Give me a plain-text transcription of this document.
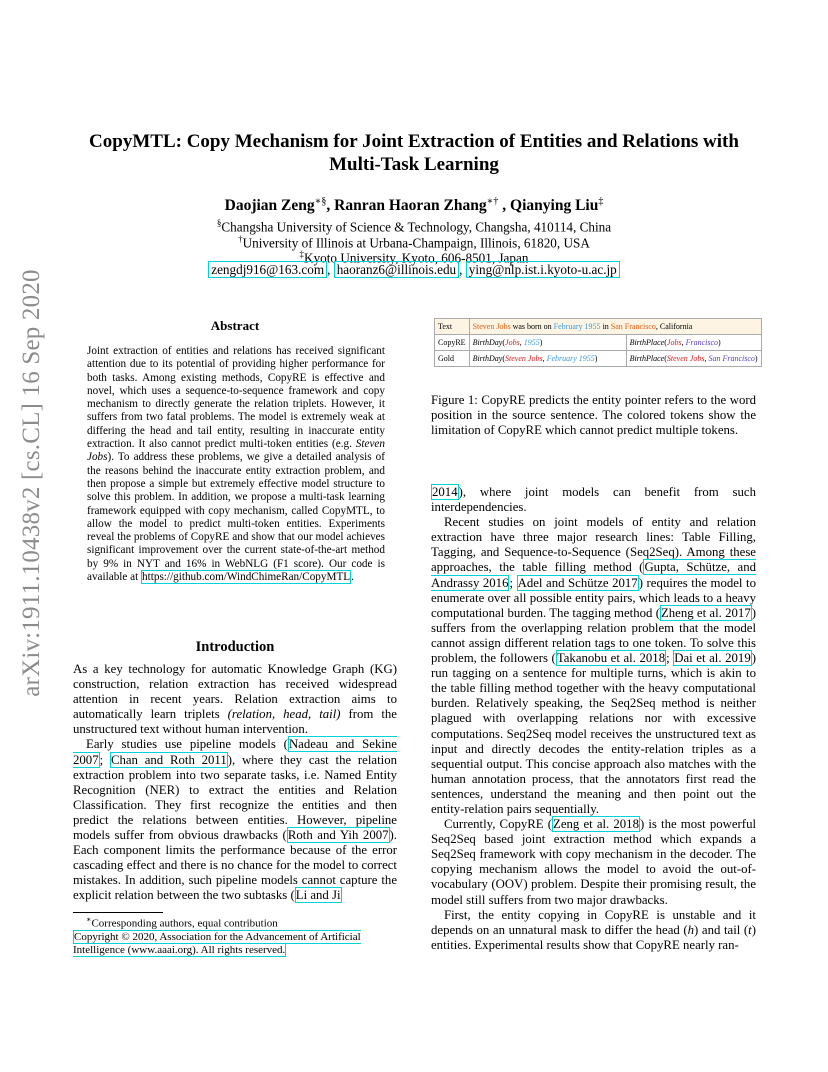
CopyMTL: Copy Mechanism for Joint Extraction of Entities and Relations with
Multi-Task Learning
Daojian Zeng∗§, Ranran Haoran Zhang∗† , Qianying Liu‡
§Changsha University of Science & Technology, Changsha, 410114, China
†University of Illinois at Urbana-Champaign, Illinois, 61820, USA
‡Kyoto University, Kyoto, 606-8501, Japan
zengdj916@163.com , haoranz6@illinois.edu , ying@nlp.ist.i.kyoto-u.ac.jp
arXiv:1911.10438v2 [cs.CL] 16 Sep 2020	Abstract
Joint extraction of entities and relations has received significant attention due to its potential of providing higher performance for both tasks. Among existing methods, CopyRE is effective and novel, which uses a sequence-to-sequence framework and copy mechanism to directly generate the relation triplets. However, it suffers from two fatal problems. The model is extremely weak at differing the head and tail entity, resulting in inaccurate entity extraction. It also cannot predict multi-token entities (e.g. Steven Jobs). To address these problems, we give a detailed analysis of the reasons behind the inaccurate entity extraction problem, and then propose a simple but extremely effective model structure to solve this problem. In addition, we propose a multi-task learning framework equipped with copy mechanism, called CopyMTL, to allow the model to predict multi-token entities. Experiments reveal the problems of CopyRE and show that our model achieves significant improvement over the current state-of-the-art method by 9% in NYT and 16% in WebNLG (F1 score). Our code is available at https://github.com/WindChimeRan/CopyMTL.
Introduction

As a key technology for automatic Knowledge Graph (KG) construction, relation extraction has received widespread attention in recent years. Relation extraction aims to automatically learn triplets (relation, head, tail) from the unstructured text without human intervention.

Early studies use pipeline models (Nadeau and Sekine 2007; Chan and Roth 2011), where they cast the relation extraction problem into two separate tasks, i.e. Named Entity Recognition (NER) to extract the entities and Relation Classification. They first recognize the entities and then predict the relations between entities. However, pipeline models suffer from obvious drawbacks (Roth and Yih 2007). Each component limits the performance because of the error cascading effect and there is no chance for the model to correct mistakes. In addition, such pipeline models cannot capture the explicit relation between the two subtasks (Li and Ji

∗Corresponding authors, equal contribution
Copyright © 2020, Association for the Advancement of Artificial Intelligence (www.aaai.org). All rights reserved.
Text	Steven Jobs was born on February 1955 in San Francisco, California	
CopyRE	BirthDay(Jobs, 1955)	BirthPlace(Jobs, Francisco)
Gold	BirthDay(Steven Jobs, February 1955)	BirthPlace(Steven Jobs, San Francisco)
Figure 1: CopyRE predicts the entity pointer refers to the word position in the source sentence. The colored tokens show the limitation of CopyRE which cannot predict multiple tokens.

2014), where joint models can benefit from such interdependencies.

Recent studies on joint models of entity and relation extraction have three major research lines: Table Filling, Tagging, and Sequence-to-Sequence (Seq2Seq). Among these approaches, the table filling method (Gupta, Schütze, and Andrassy 2016; Adel and Schütze 2017) requires the model to enumerate over all possible entity pairs, which leads to a heavy computational burden. The tagging method (Zheng et al. 2017) suffers from the overlapping relation problem that the model cannot assign different relation tags to one token. To solve this problem, the followers (Takanobu et al. 2018; Dai et al. 2019) run tagging on a sentence for multiple turns, which is akin to the table filling method together with the heavy computational burden. Relatively speaking, the Seq2Seq method is neither plagued with overlapping relations nor with excessive computations. Seq2Seq model receives the unstructured text as input and directly decodes the entity-relation triples as a sequential output. This concise approach also matches with the human annotation process, that the annotators first read the sentences, understand the meaning and then point out the entity-relation pairs sequentially.

Currently, CopyRE (Zeng et al. 2018) is the most powerful Seq2Seq based joint extraction method which expands a Seq2Seq framework with copy mechanism in the decoder. The copying mechanism allows the model to avoid the out-of-vocabulary (OOV) problem. Despite their promising result, the model still suffers from two major drawbacks.

First, the entity copying in CopyRE is unstable and it depends on an unnatural mask to differ the head (h) and tail (t) entities. Experimental results show that CopyRE nearly ran-
